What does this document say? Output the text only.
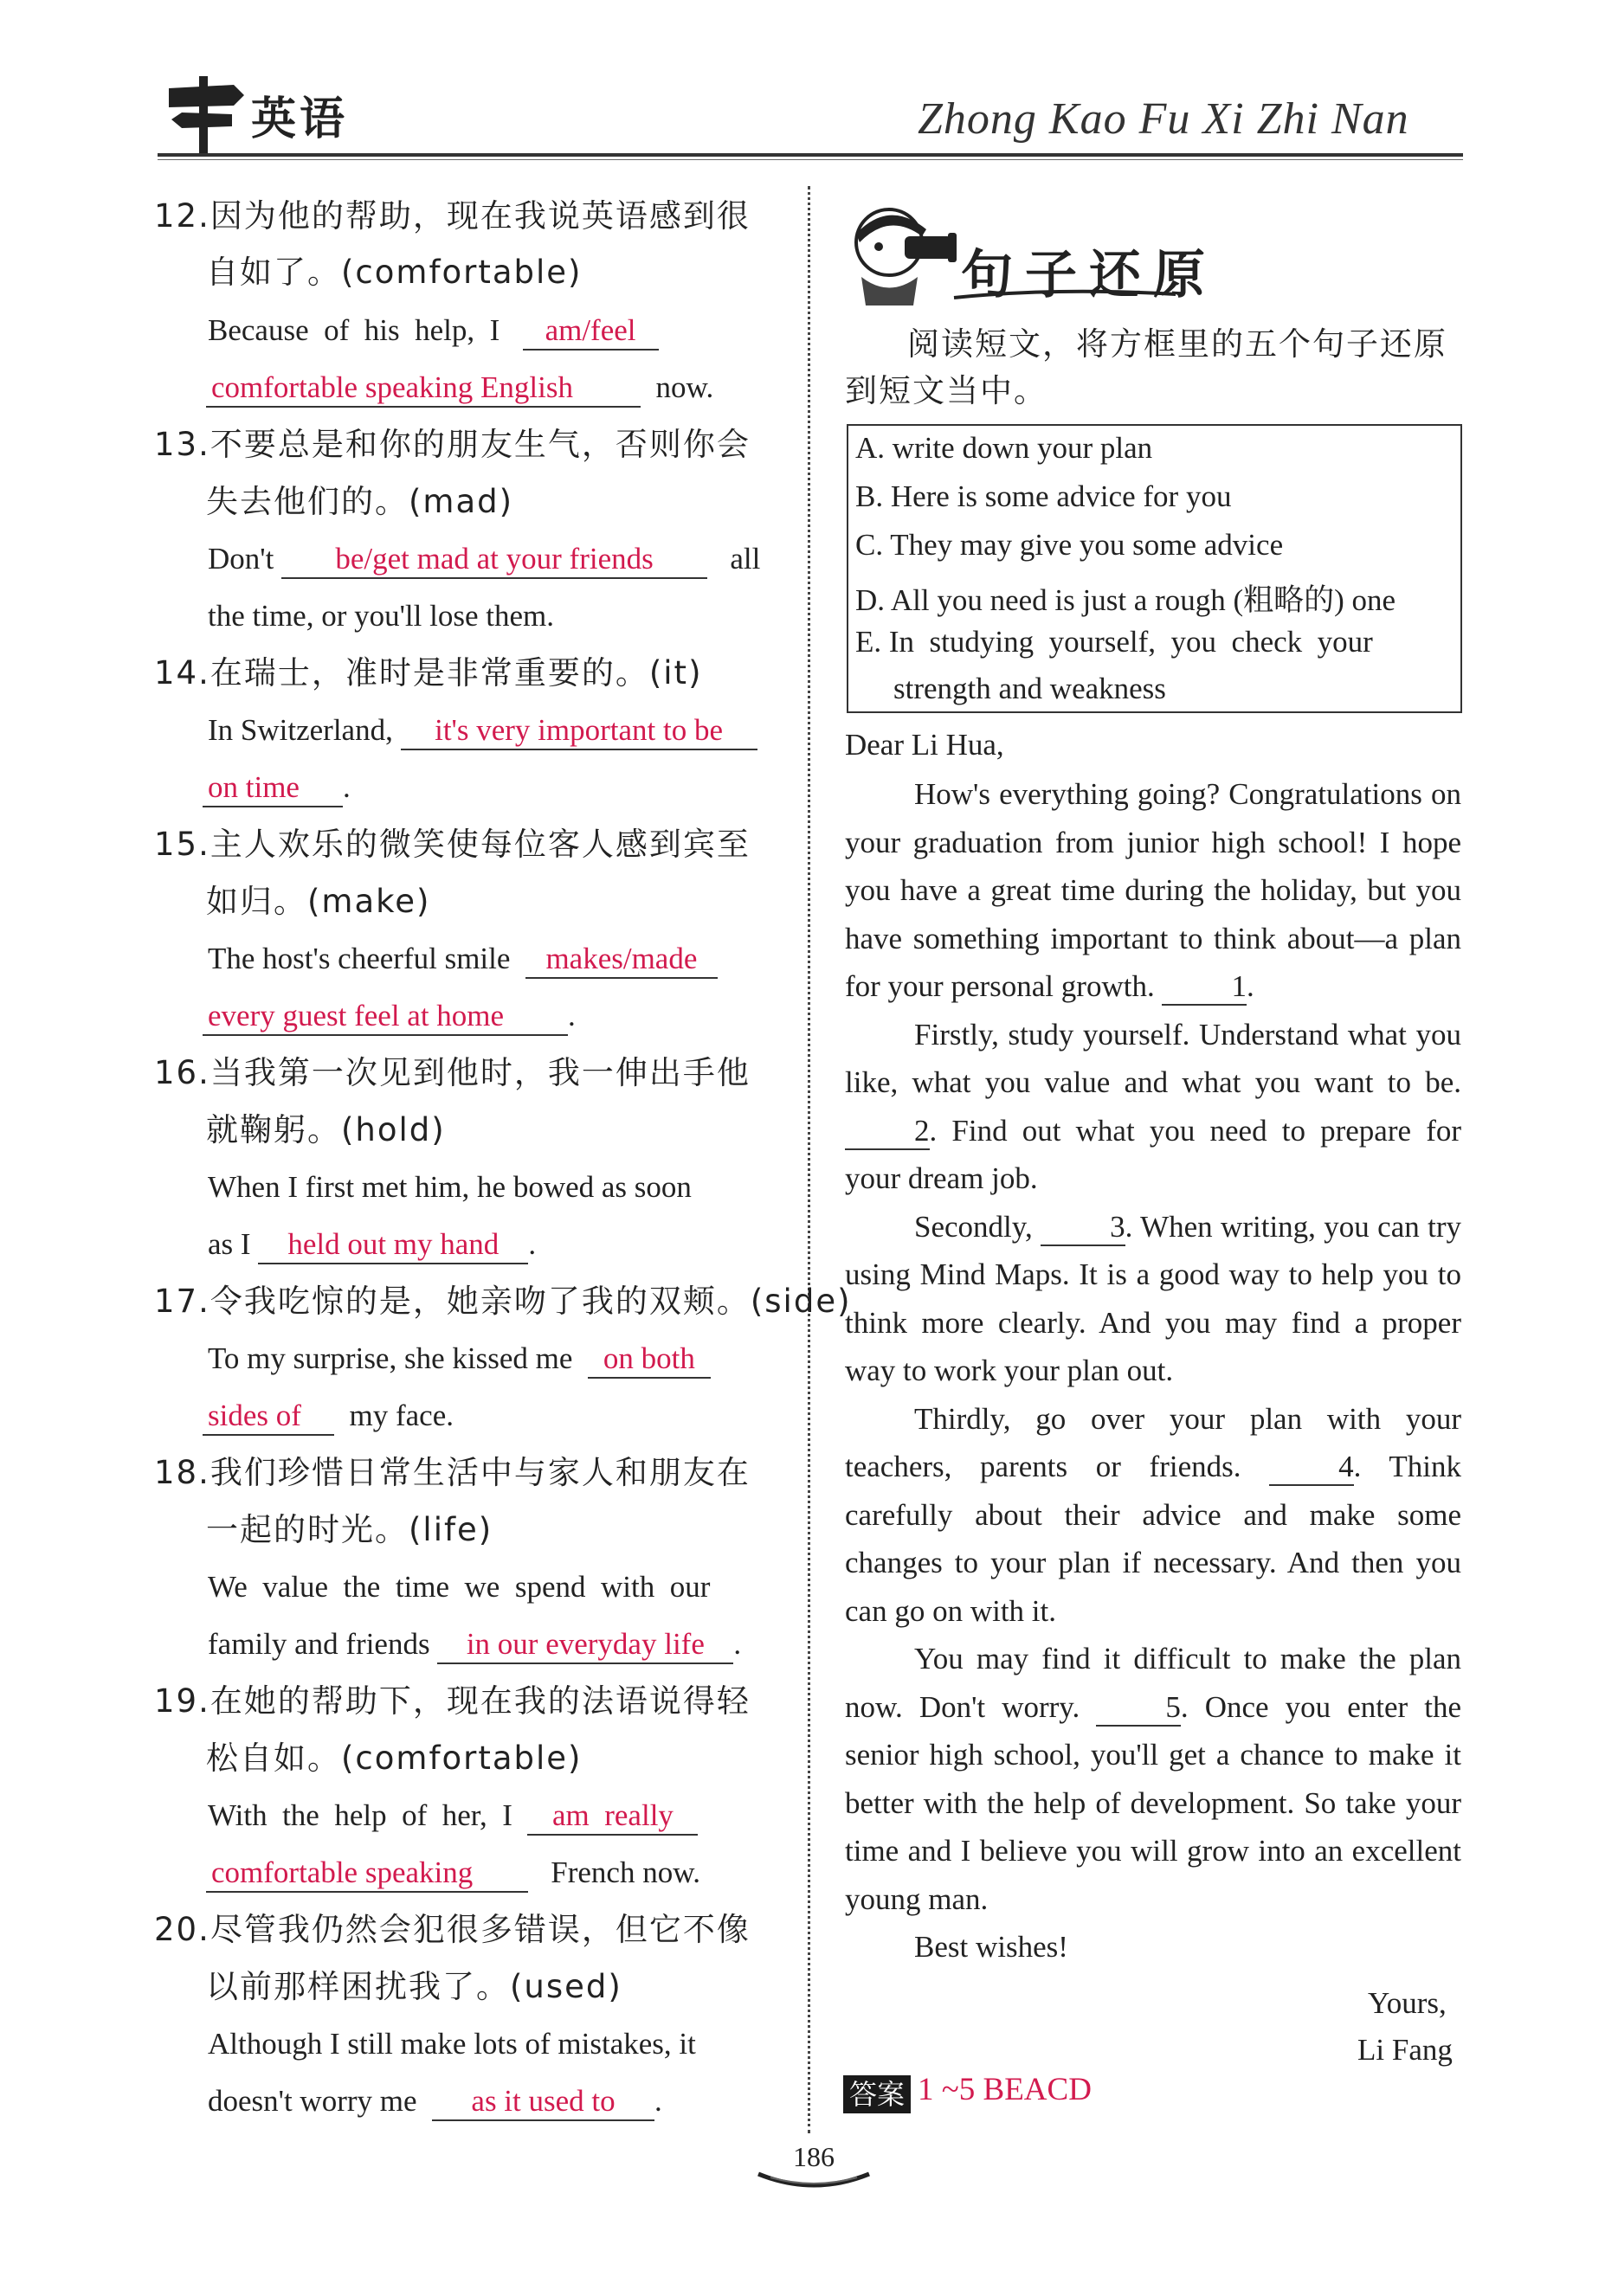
英语	Zhong Kao Fu Xi Zhi Nan
12.因为他的帮助，现在我说英语感到很
自如了。(comfortable)
Because  of  his  help,  I am/feel
comfortable speaking English	now.
13.不要总是和你的朋友生气，否则你会
失去他们的。(mad)
Don't be/get mad at your friends	all
the time, or you'll lose them.
14.在瑞士，准时是非常重要的。(it)
In Switzerland, it's very important to be
on time .
15.主人欢乐的微笑使每位客人感到宾至
如归。(make)
The host's cheerful smile makes/made
every guest feel at home .
16.当我第一次见到他时，我一伸出手他
就鞠躬。(hold)
When I first met him, he bowed as soon
as I held out my hand .
17.令我吃惊的是，她亲吻了我的双颊。(side)
To my surprise, she kissed me on both
sides of my face.
18.我们珍惜日常生活中与家人和朋友在
一起的时光。(life)
We  value  the  time  we  spend  with  our
family and friends in our everyday life .
19.在她的帮助下，现在我的法语说得轻
松自如。(comfortable)
With  the  help  of  her,  I am  really
comfortable speaking	French now.
20.尽管我仍然会犯很多错误，但它不像
以前那样困扰我了。(used)
Although I still make lots of mistakes, it
doesn't worry me as it used to .
句子还原
阅读短文，将方框里的五个句子还原
到短文当中。
A. write down your plan
B. Here is some advice for you
C. They may give you some advice
D. All you need is just a rough (粗略的) one
E. In  studying  yourself,  you  check  your
strength and weakness
Dear Li Hua,

How's everything going? Congratulations on your graduation from junior high school! I hope you have a great time during the holiday, but you have something important to think about—a plan for your personal growth.	1.

Firstly, study yourself. Understand what you like, what you value and what you want to be. 2. Find out what you need to prepare for your dream job.

Secondly,	3. When writing, you can try using Mind Maps. It is a good way to help you to think more clearly. And you may find a proper way to work your plan out.

Thirdly, go over your plan with your teachers, parents or friends.	4. Think carefully about their advice and make some changes to your plan if necessary. And then you can go on with it.

You may find it difficult to make the plan now. Don't worry.	5. Once you enter the senior high school, you'll get a chance to make it better with the help of development. So take your time and I believe you will grow into an excellent young man.

Best wishes!

Yours,
Li Fang
答案 1 ~5 BEACD
186
